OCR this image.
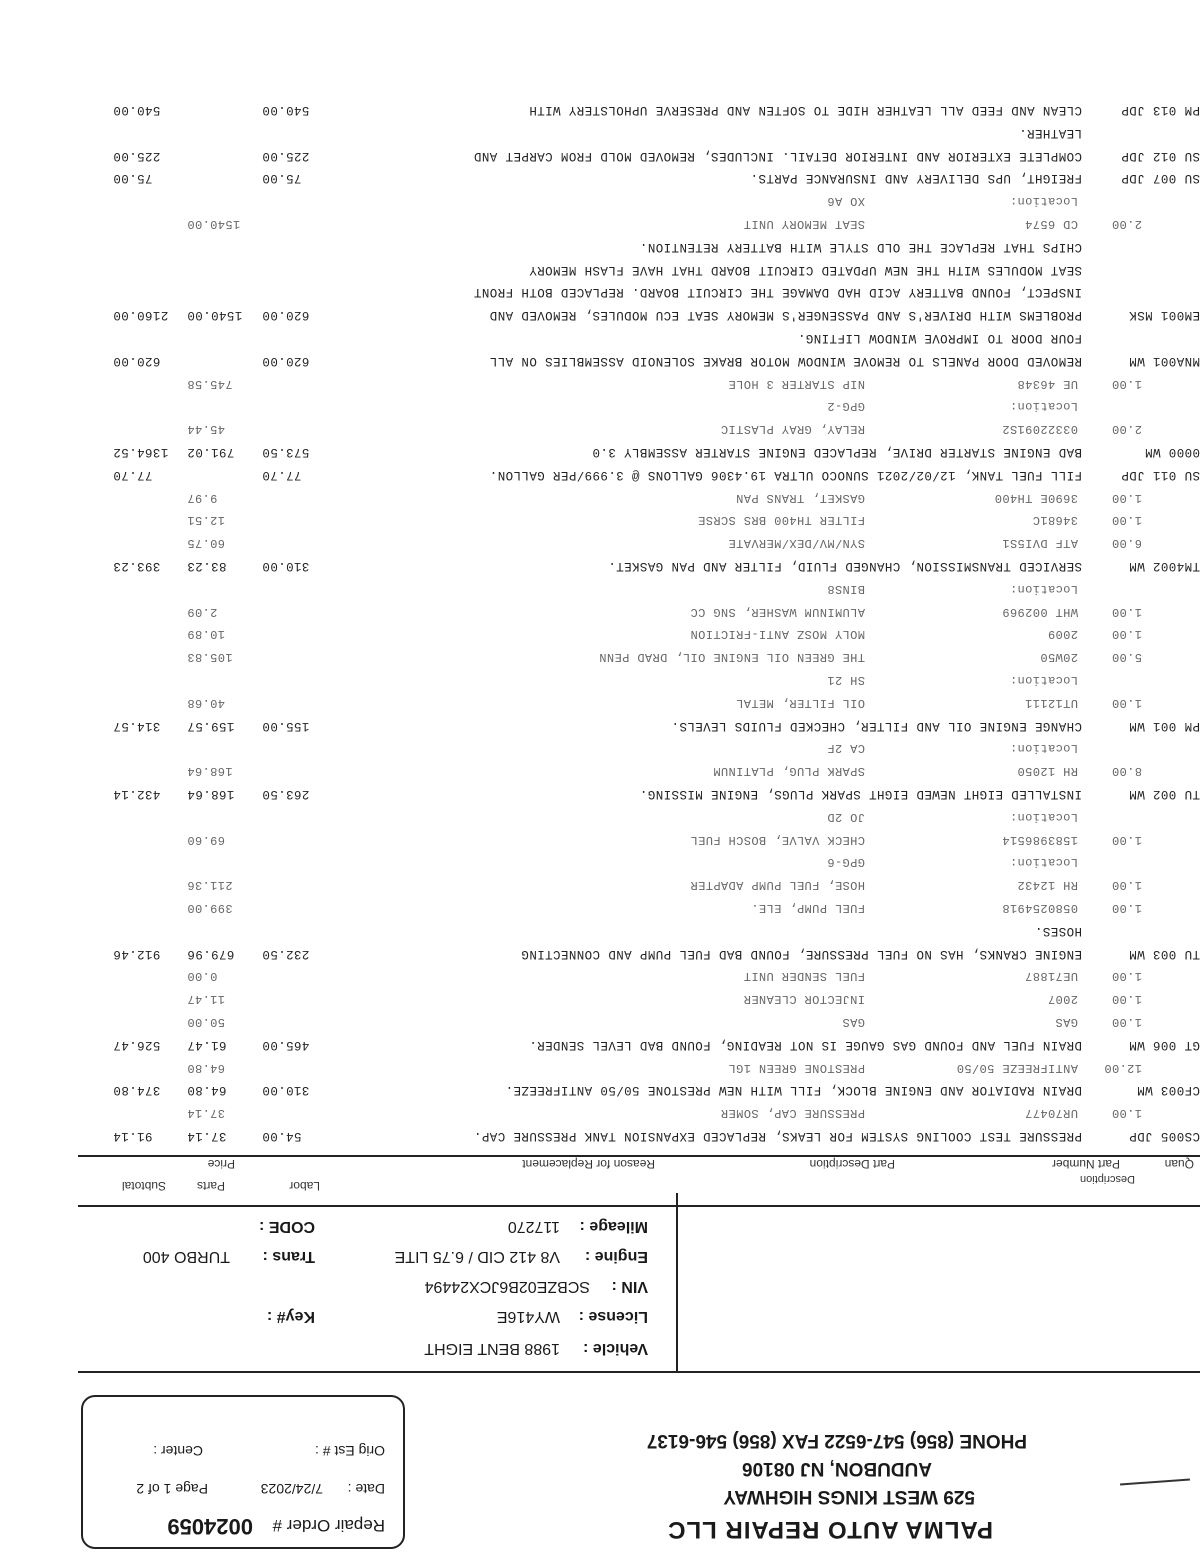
PALMA AUTO REPAIR LLC
529 WEST KINGS HIGHWAY
AUDUBON, NJ 08106
PHONE (856) 547-6522 FAX (856) 546-6137
Repair Order #
0024059
Date :
7/24/2023
Page 1 of 2
Orig Est # :
Center :
Vehicle :
1988 BENT EIGHT
License :
WY416E
Key# :
VIN :
SCBZE02B6JCX24494
Engine :
V8 412 CID / 6.75 LITE
Trans :
TURBO 400
Mileage :
117270
CODE :
Quan
Part Number
Description
Part Description
Reason for Replacement
Price
Labor
Parts
Subtotal
CS005 JDP
PRESSURE TEST COOLING SYSTEM FOR LEAKS, REPLACED EXPANSION TANK PRESSURE CAP.
54.00
37.14
91.14
1.00
UR70477
PRESSURE CAP, SOMER
37.14
CF003 WM
DRAIN RADIATOR AND ENGINE BLOCK, FILL WITH NEW PRESTONE 50/50 ANTIFREEZE.
310.00
64.80
374.80
12.00
ANTIFREEZE 50/50
PRESTONE GREEN 1GL
64.80
GT 006 WM
DRAIN FUEL AND FOUND GAS GAUGE IS NOT READING, FOUND BAD LEVEL SENDER.
465.00
61.47
526.47
1.00
GAS
GAS
50.00
1.00
2007
INJECTOR CLEANER
11.47
1.00
UE71887
FUEL SENDER UNIT
0.00
TU 003 WM
ENGINE CRANKS, HAS NO FUEL PRESSURE, FOUND BAD FUEL PUMP AND CONNECTING
232.50
679.96
912.46
HOSES.
1.00
0580254918
FUEL PUMP, ELE.
399.00
1.00
RH 12432
HOSE, FUEL PUMP ADAPTER
211.36
Location:
GPG-6
1.00
1583986514
CHECK VALVE, BOSCH FUEL
69.60
Location:
JO 2D
TU 002 WM
INSTALLED EIGHT NEWED EIGHT SPARK PLUGS, ENGINE MISSING.
263.50
168.64
432.14
8.00
RH 12050
SPARK PLUG, PLATINUM
168.64
Location:
CA 2F
PM 001 WM
CHANGE ENGINE OIL AND FILTER, CHECKED FLUIDS LEVELS.
155.00
159.57
314.57
1.00
UT12111
OIL FILTER, METAL
40.68
Location:
SH 21
5.00
20W50
THE GREEN OIL ENGINE OIL, DRAD PENN
105.83
1.00
2009
MOLY MOSZ ANTI-FRICTION
10.89
1.00
WHT 002969
ALUMINUM WASHER, SNG CC
2.09
Location:
BINS8
TM4002 WM
SERVICED TRANSMISSION, CHANGED FLUID, FILTER AND PAN GASKET.
310.00
83.23
393.23
6.00
ATF DVI5S1
SYN/MV/DEX/MERVATE
60.75
1.00
34681C
FILTER TH400 BRS SCRSE
12.51
1.00
3690E TH400
GASKET, TRANS PAN
9.97
SU 011 JDP
FILL FUEL TANK, 12/02/2021 SUNOCO ULTRA 19.4306 GALLONS @ 3.999/PER GALLON.
77.70
77.70
0000 WM
BAD ENGINE STARTER DRIVE, REPLACED ENGINE STARTER ASSEMBLY 3.0
573.50
791.02
1364.52
2.00
03322091S2
RELAY, GRAY PLASTIC
45.44
Location:
GPG-2
1.00
UE 46348
NIP STARTER 3 HOLE
745.58
MNA001 WM
REMOVED DOOR PANELS TO REMOVE WINDOW MOTOR BRAKE SOLENOID ASSEMBLIES ON ALL
620.00
620.00
FOUR DOOR TO IMPROVE WINDOW LIFTING.
EM001 MSK
PROBLEMS WITH DRIVER'S AND PASSENGER'S MEMORY SEAT ECU MODULES, REMOVED AND
620.00
1540.00
2160.00
INSPECT, FOUND BATTERY ACID HAD DAMAGE THE CIRCUIT BOARD. REPLACED BOTH FRONT
SEAT MODULES WITH THE NEW UPDATED CIRCUIT BOARD THAT HAVE FLASH MEMORY
CHIPS THAT REPLACE THE OLD STYLE WITH BATTERY RETENTION.
2.00
CD 6574
SEAT MEMORY UNIT
1540.00
Location:
XO A6
SU 007 JDP
FREIGHT, UPS DELIVERY AND INSURANCE PARTS.
75.00
75.00
SU 012 JDP
COMPLETE EXTERIOR AND INTERIOR DETAIL. INCLUDES, REMOVED MOLD FROM CARPET AND
225.00
225.00
LEATHER.
PM 013 JDP
CLEAN AND FEED ALL LEATHER HIDE TO SOFTEN AND PRESERVE UPHOLSTERY WITH
540.00
540.00
